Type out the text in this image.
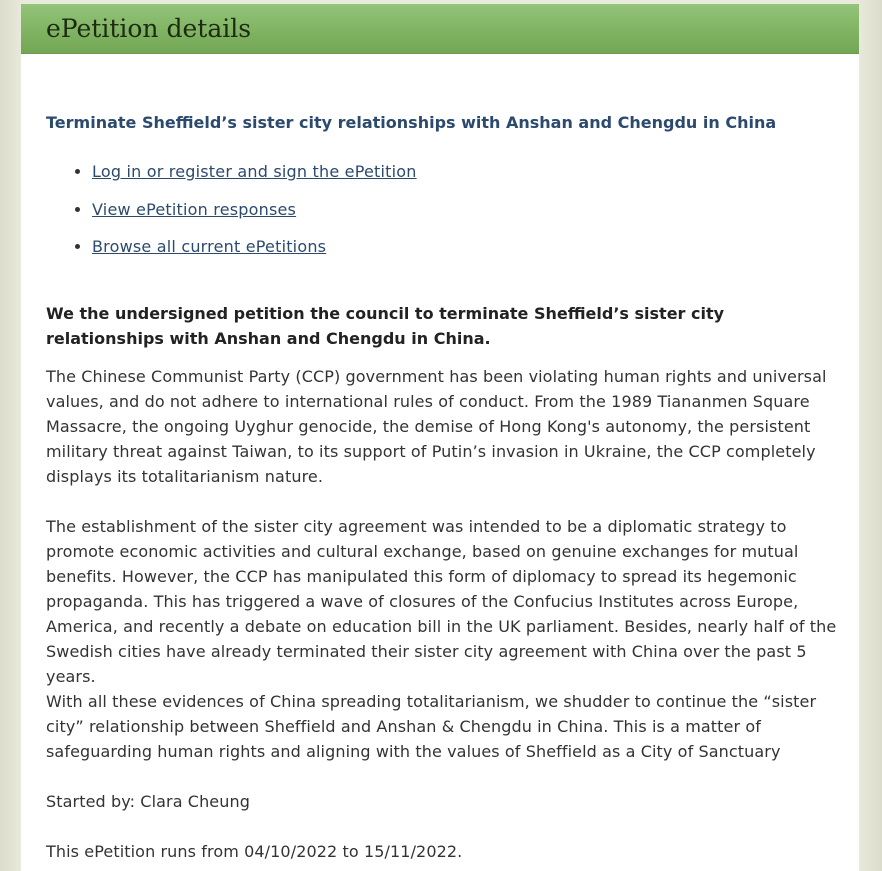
ePetition details
Terminate Sheffield’s sister city relationships with Anshan and Chengdu in China
• Log in or register and sign the ePetition
• View ePetition responses
• Browse all current ePetitions

We the undersigned petition the council to terminate Sheffield’s sister city relationships with Anshan and Chengdu in China.

The Chinese Communist Party (CCP) government has been violating human rights and universal values, and do not adhere to international rules of conduct. From the 1989 Tiananmen Square Massacre, the ongoing Uyghur genocide, the demise of Hong Kong's autonomy, the persistent military threat against Taiwan, to its support of Putin’s invasion in Ukraine, the CCP completely displays its totalitarianism nature.

The establishment of the sister city agreement was intended to be a diplomatic strategy to promote economic activities and cultural exchange, based on genuine exchanges for mutual benefits. However, the CCP has manipulated this form of diplomacy to spread its hegemonic propaganda. This has triggered a wave of closures of the Confucius Institutes across Europe, America, and recently a debate on education bill in the UK parliament. Besides, nearly half of the Swedish cities have already terminated their sister city agreement with China over the past 5 years.

With all these evidences of China spreading totalitarianism, we shudder to continue the “sister city” relationship between Sheffield and Anshan & Chengdu in China. This is a matter of safeguarding human rights and aligning with the values of Sheffield as a City of Sanctuary

Started by: Clara Cheung

This ePetition runs from 04/10/2022 to 15/11/2022.
